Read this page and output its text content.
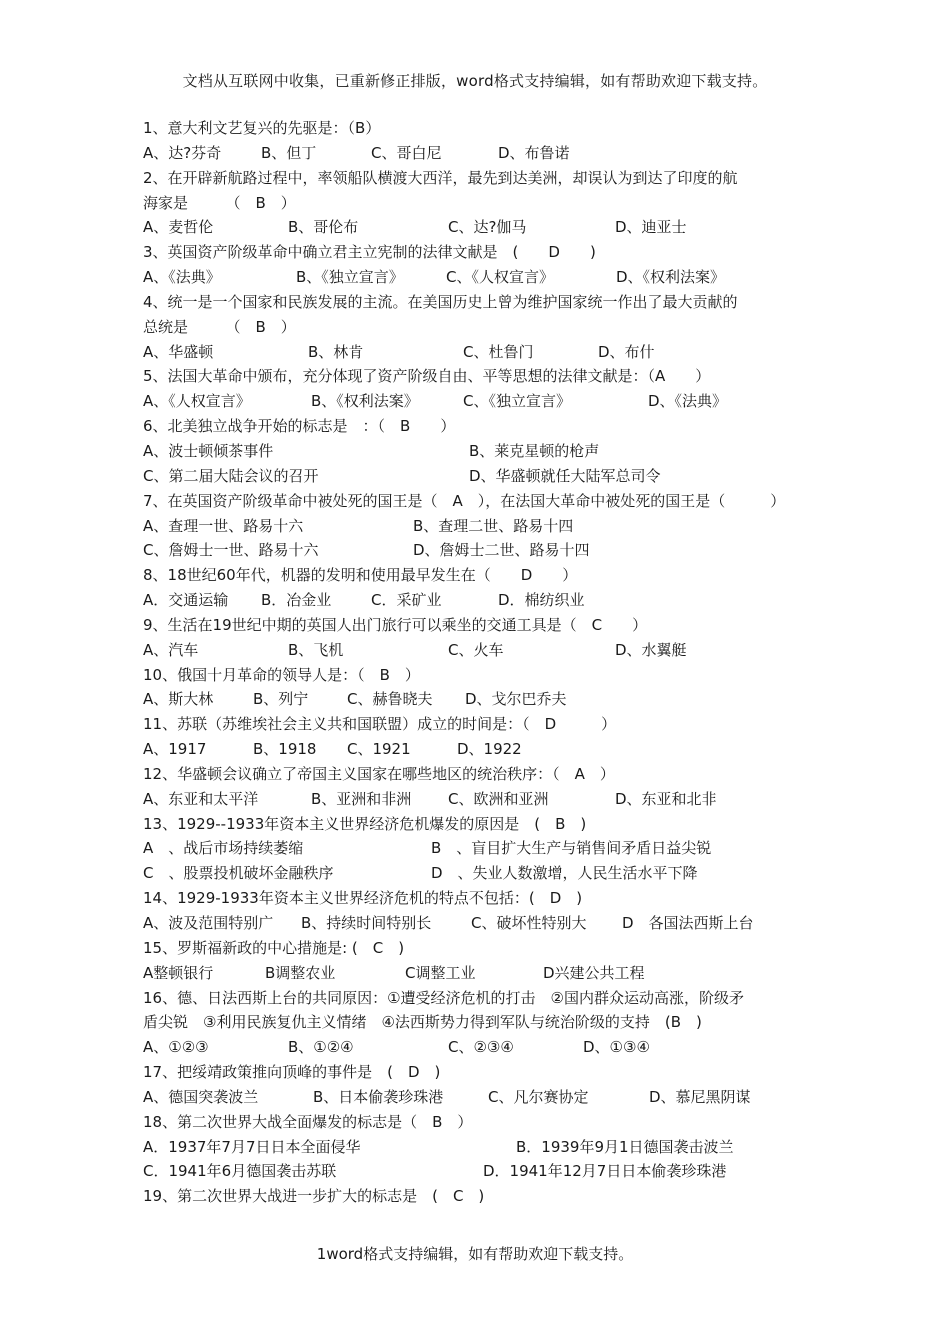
文档从互联网中收集，已重新修正排版，word格式支持编辑，如有帮助欢迎下载支持。
1、意大利文艺复兴的先驱是：（B）
A、达?芬奇	B、但丁	C、哥白尼	D、布鲁诺
2、在开辟新航路过程中，率领船队横渡大西洋，最先到达美洲，却误认为到达了印度的航
海家是　　　（　B　）
A、麦哲伦	B、哥伦布	C、达?伽马	D、迪亚士
3、英国资产阶级革命中确立君主立宪制的法律文献是　(　　D　　)
A、《法典》	B、《独立宣言》	C、《人权宣言》	D、《权利法案》
4、统一是一个国家和民族发展的主流。在美国历史上曾为维护国家统一作出了最大贡献的
总统是　　　（　B　）
A、华盛顿	B、林肯	C、杜鲁门	D、布什
5、法国大革命中颁布，充分体现了资产阶级自由、平等思想的法律文献是：（A　　）
A、《人权宣言》	B、《权利法案》	C、《独立宣言》	D、《法典》
6、北美独立战争开始的标志是　：（　B　　）
A、波士顿倾茶事件	B、莱克星顿的枪声
C、第二届大陆会议的召开	D、华盛顿就任大陆军总司令
7、在英国资产阶级革命中被处死的国王是（　A　），在法国大革命中被处死的国王是（　　　）
A、查理一世、路易十六	B、查理二世、路易十四
C、詹姆士一世、路易十六	D、詹姆士二世、路易十四
8、18世纪60年代，机器的发明和使用最早发生在（　　D　　）
A．交通运输 B．冶金业	C．采矿业	D．棉纺织业
9、生活在19世纪中期的英国人出门旅行可以乘坐的交通工具是（　C　　）
A、汽车	B、飞机	C、火车	D、水翼艇
10、俄国十月革命的领导人是：（　B　）
A、斯大林	B、列宁	C、赫鲁晓夫 D、戈尔巴乔夫
11、苏联（苏维埃社会主义共和国联盟）成立的时间是：（　D　　　）
A、1917	B、1918 C、1921	D、1922
12、华盛顿会议确立了帝国主义国家在哪些地区的统治秩序：（　A　）
A、东亚和太平洋	B、亚洲和非洲 C、欧洲和亚洲	D、东亚和北非
13、1929--1933年资本主义世界经济危机爆发的原因是　(　B　)
A　、战后市场持续萎缩	B　、盲目扩大生产与销售间矛盾日益尖锐
C　、股票投机破坏金融秩序	D　、失业人数激增，人民生活水平下降
14、1929-1933年资本主义世界经济危机的特点不包括：(　D　)
A、波及范围特别广 B、持续时间特别长	C、破坏性特别大 D　各国法西斯上台
15、罗斯福新政的中心措施是: (　C　)
A整顿银行	B调整农业	C调整工业	D兴建公共工程
16、德、日法西斯上台的共同原因：①遭受经济危机的打击　②国内群众运动高涨，阶级矛
盾尖锐　③利用民族复仇主义情绪　④法西斯势力得到军队与统治阶级的支持　(B　)
A、①②③	B、①②④	C、②③④	D、①③④
17、把绥靖政策推向顶峰的事件是　(　D　)
A、德国突袭波兰	B、日本偷袭珍珠港	C、凡尔赛协定	D、慕尼黑阴谋
18、第二次世界大战全面爆发的标志是（　B　）
A．1937年7月7日日本全面侵华	B．1939年9月1日德国袭击波兰
C．1941年6月德国袭击苏联	D．1941年12月7日日本偷袭珍珠港
19、第二次世界大战进一步扩大的标志是　(　C　)
1word格式支持编辑，如有帮助欢迎下载支持。
